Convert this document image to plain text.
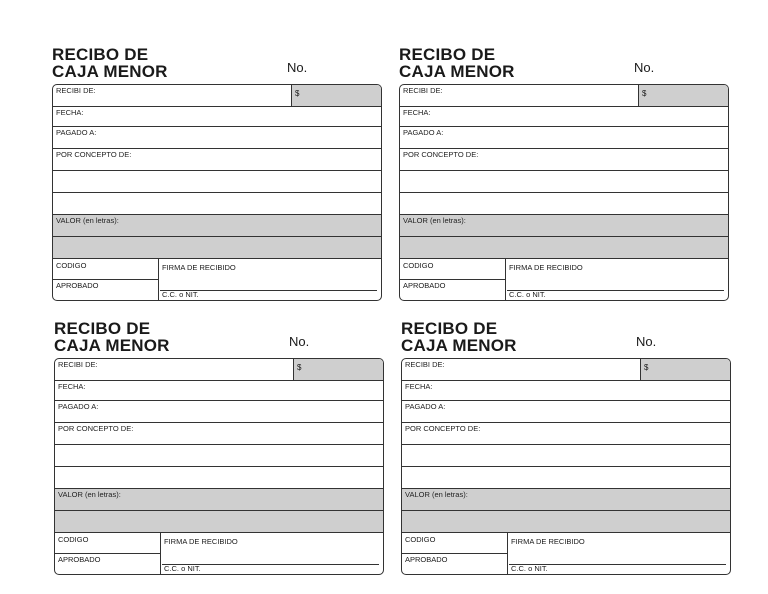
RECIBO DE
CAJA MENOR	No.

RECIBI DE:	$
FECHA:
PAGADO A:
POR CONCEPTO DE:
VALOR (en letras):
CODIGO
APROBADO
FIRMA DE RECIBIDO
C.C. o NIT.
RECIBO DE
CAJA MENOR	No.

RECIBI DE:	$
FECHA:
PAGADO A:
POR CONCEPTO DE:
VALOR (en letras):
CODIGO
APROBADO
FIRMA DE RECIBIDO
C.C. o NIT.
RECIBO DE
CAJA MENOR	No.

RECIBI DE:	$
FECHA:
PAGADO A:
POR CONCEPTO DE:
VALOR (en letras):
CODIGO
APROBADO
FIRMA DE RECIBIDO
C.C. o NIT.
RECIBO DE
CAJA MENOR	No.

RECIBI DE:	$
FECHA:
PAGADO A:
POR CONCEPTO DE:
VALOR (en letras):
CODIGO
APROBADO
FIRMA DE RECIBIDO
C.C. o NIT.
